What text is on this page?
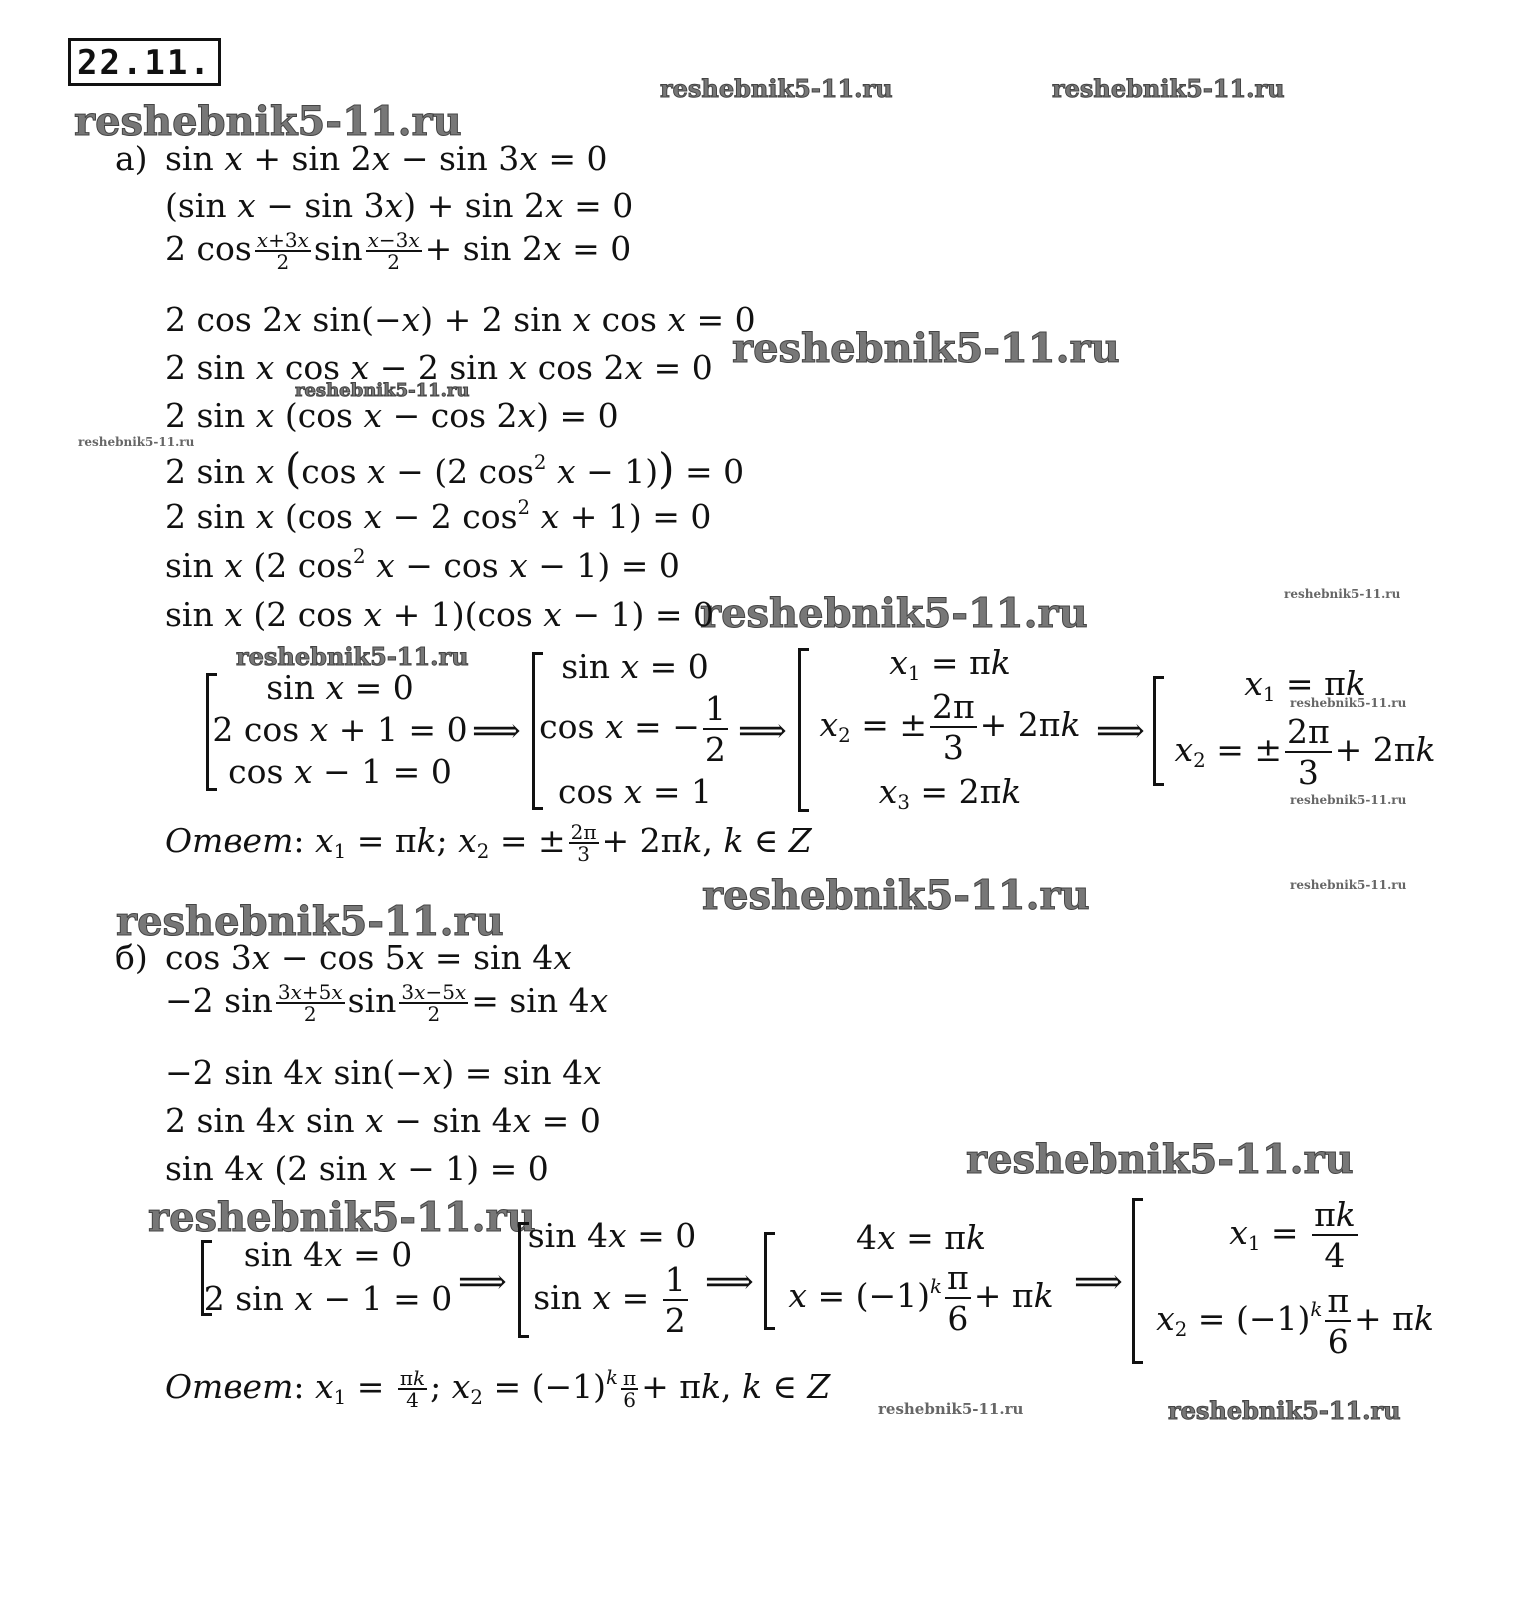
22.11.
reshebnik5-11.ru	reshebnik5-11.ru
reshebnik5-11.ru
reshebnik5-11.ru
reshebnik5-11.ru
reshebnik5-11.ru
reshebnik5-11.ru	reshebnik5-11.ru
reshebnik5-11.ru
reshebnik5-11.ru
reshebnik5-11.ru
reshebnik5-11.ru	reshebnik5-11.ru
reshebnik5-11.ru
reshebnik5-11.ru
reshebnik5-11.ru
reshebnik5-11.ru	reshebnik5-11.ru
а) sin x + sin 2x − sin 3x = 0
(sin x − sin 3x) + sin 2x = 0
2 $\cos \frac{x+3x}{2}$ $\sin \frac{x-3x}{2} + \sin 2x = 0$
2 cos 2x sin(−x) + 2 sin x cos x = 0
2 sin x cos x − 2 sin x cos 2x = 0
2 sin x (cos x − cos 2x) = 0
2 sin x (cos x − (2 $\cos^2 x - 1)) = 0$
2 sin x (cos x − 2 $\cos^2 x + 1) = 0$
sin x (2 $\cos^2 x - \cos x - 1) = 0$
sin x (2 cos x + 1)(cos x − 1) = 0
sin x = 0
2 cos x + 1 = 0
cos x − 1 = 0
⟹
sin x = 0
cos x = − $\frac{1}{2}$
cos x = 1
⟹
$x_1 = \pi k$
$x_2$ = ± $\frac{2\pi}{3} + 2\pi k$
$x_3 = 2\pi k$
⟹
$x_1 = \pi k$
$x_2$ = ± $\frac{2\pi}{3} + 2\pi k$
Ответ: $x_1 = \pi k$; $x_2$ = ± $\frac{2\pi}{3} + 2\pi k$, k ∈ Z
б) cos 3x − cos 5x = sin 4x
−2 $\sin \frac{3x+5x}{2}$ $\sin \frac{3x-5x}{2} = \sin 4x$
−2 sin 4x sin(−x) = sin 4x
2 sin 4x sin x − sin 4x = 0
sin 4x (2 sin x − 1) = 0
sin 4x = 0
2 sin x − 1 = 0 ⟹
sin 4x = 0
$\sin x = \frac{1}{2}$ ⟹
4x = πk
$x = (-1)^k \frac{\pi}{6} + \pi k$ ⟹
$x_1 = \frac{\pi k}{4}$
$x_2 = (-1)^k \frac{\pi}{6} + \pi k$
Ответ: $x_1 = \frac{\pi k}{4}$ ; $x_2 = (-1)^k \frac{\pi}{6} + \pi k$, k ∈ Z
